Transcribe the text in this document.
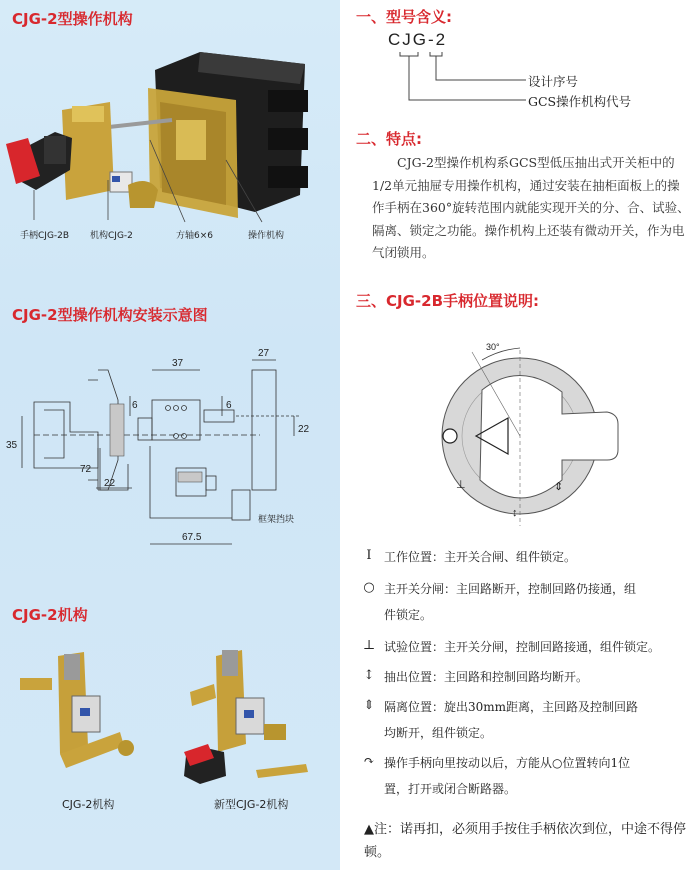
CJG-2型操作机构
手柄CJG-2B 机构CJG-2	方轴6×6	操作机构
CJG-2型操作机构安装示意图
37
27
6	6
35
22
72
22
67.5
框架挡块
CJG-2机构
CJG-2机构	新型CJG-2机构
一、型号含义:
CJG-2
设计序号
GCS操作机构代号
二、特点:
CJG-2型操作机构系GCS型低压抽出式开关柜中的1/2单元抽屉专用操作机构，通过安装在抽柜面板上的操作手柄在360°旋转范围内就能实现开关的分、合、试验、隔离、锁定之功能。操作机构上还装有微动开关，作为电气闭锁用。
三、CJG-2B手柄位置说明:
30°
⊥	⇕
↕
I	工作位置：主开关合闸、组件锁定。
○ 主开关分闸：主回路断开，控制回路仍接通，组
件锁定。
⊥ 试验位置：主开关分闸，控制回路接通，组件锁定。
↕ 抽出位置：主回路和控制回路均断开。
⇕ 隔离位置：旋出30mm距离，主回路及控制回路
均断开，组件锁定。
↷ 操作手柄向里按动以后，方能从○位置转向1位
置，打开或闭合断路器。
▲注：诺再扣，必须用手按住手柄依次到位，中途不得停顿。
